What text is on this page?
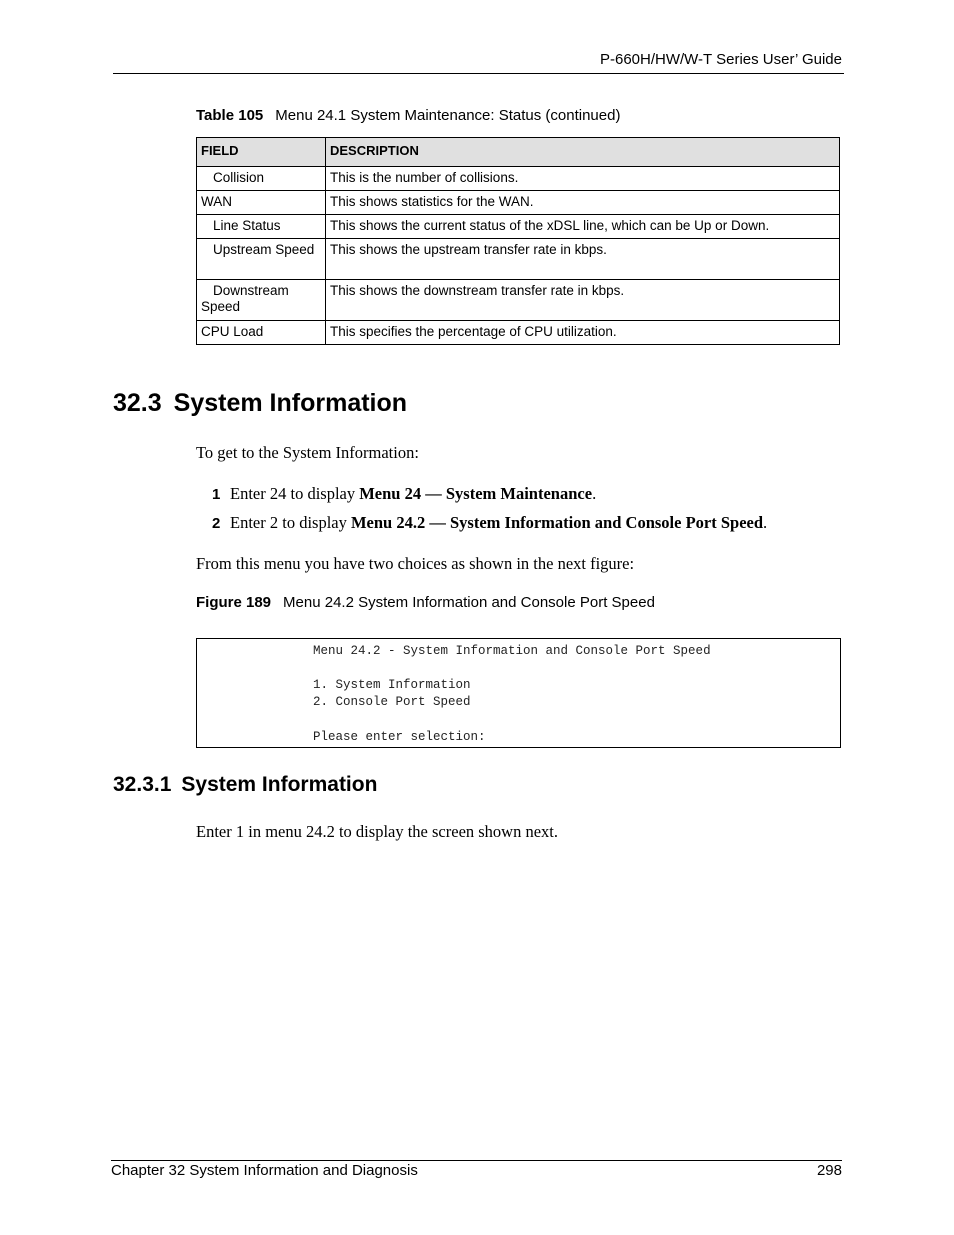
P-660H/HW/W-T Series User’ Guide
Table 105 Menu 24.1 System Maintenance: Status (continued)
FIELD	DESCRIPTION
Collision	This is the number of collisions.
WAN	This shows statistics for the WAN.
Line Status	This shows the current status of the xDSL line, which can be Up or Down.
Upstream Speed	This shows the upstream transfer rate in kbps.
Downstream Speed	This shows the downstream transfer rate in kbps.
CPU Load	This specifies the percentage of CPU utilization.
32.3 System Information
To get to the System Information:
1 Enter 24 to display Menu 24 — System Maintenance.
2 Enter 2 to display Menu 24.2 — System Information and Console Port Speed.
From this menu you have two choices as shown in the next figure:
Figure 189 Menu 24.2 System Information and Console Port Speed
Menu 24.2 - System Information and Console Port Speed
1. System Information
2. Console Port Speed
Please enter selection:
32.3.1 System Information
Enter 1 in menu 24.2 to display the screen shown next.
Chapter 32 System Information and Diagnosis	298
